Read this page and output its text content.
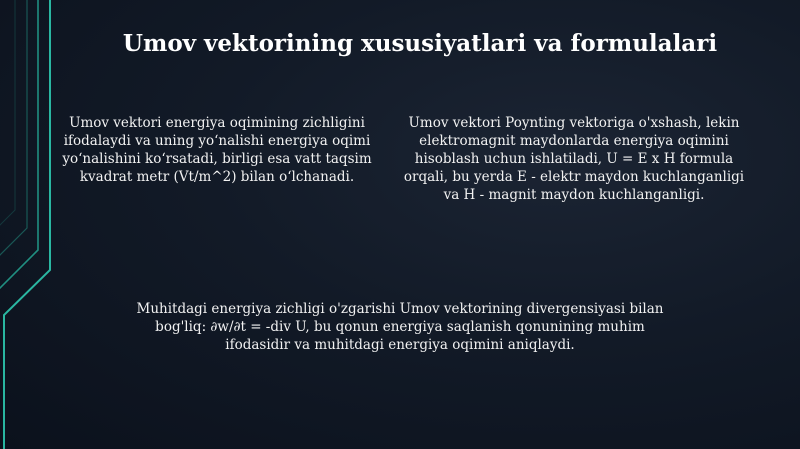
Umov vektorining xususiyatlari va formulalari
Umov vektori energiya oqimining zichligini ifodalaydi va uning yo‘nalishi energiya oqimi yo‘nalishini ko‘rsatadi, birligi esa vatt taqsim kvadrat metr (Vt/m^2) bilan o‘lchanadi.
Umov vektori Poynting vektoriga o'xshash, lekin elektromagnit maydonlarda energiya oqimini hisoblash uchun ishlatiladi, U = E x H formula orqali, bu yerda E - elektr maydon kuchlanganligi va H - magnit maydon kuchlanganligi.
Muhitdagi energiya zichligi o'zgarishi Umov vektorining divergensiyasi bilan bog'liq: ∂w/∂t = -div U, bu qonun energiya saqlanish qonunining muhim ifodasidir va muhitdagi energiya oqimini aniqlaydi.
